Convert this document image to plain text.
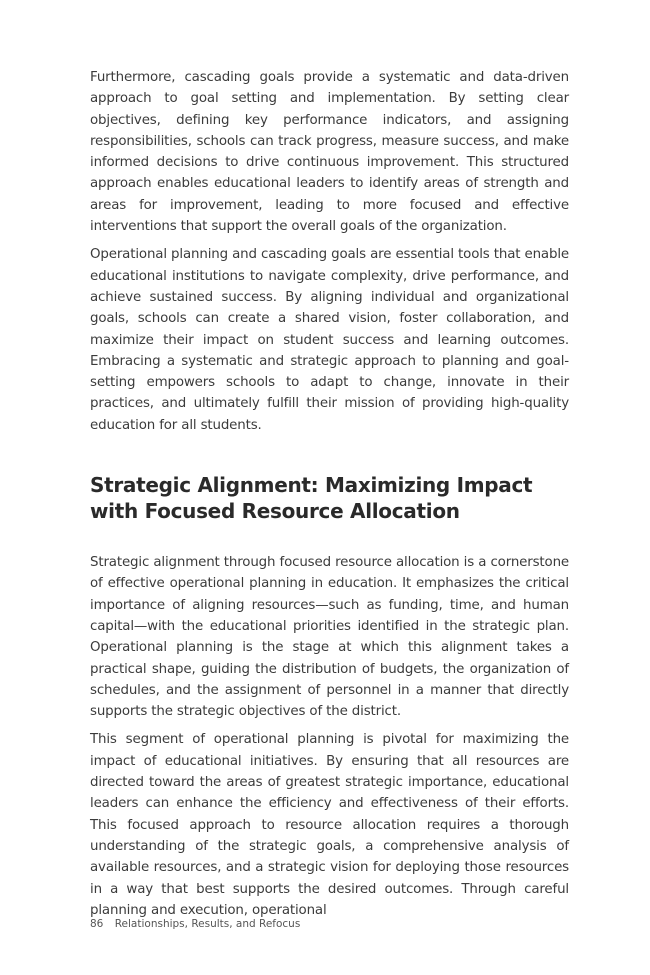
Furthermore, cascading goals provide a systematic and data-driven approach to goal setting and implementation. By setting clear objectives, defining key performance indicators, and assigning responsibilities, schools can track progress, measure success, and make informed decisions to drive continuous improvement. This structured approach enables educational leaders to identify areas of strength and areas for improvement, leading to more focused and effective interventions that support the overall goals of the organization.

Operational planning and cascading goals are essential tools that enable educational institutions to navigate complexity, drive performance, and achieve sustained success. By aligning individual and organizational goals, schools can create a shared vision, foster collaboration, and maximize their impact on student success and learning outcomes. Embracing a systematic and strategic approach to planning and goal-setting empowers schools to adapt to change, innovate in their practices, and ultimately fulfill their mission of providing high-quality education for all students.

Strategic Alignment: Maximizing Impact with Focused Resource Allocation

Strategic alignment through focused resource allocation is a cornerstone of effective operational planning in education. It emphasizes the critical importance of aligning resources—such as funding, time, and human capital—with the educational priorities identified in the strategic plan. Operational planning is the stage at which this alignment takes a practical shape, guiding the distribution of budgets, the organization of schedules, and the assignment of personnel in a manner that directly supports the strategic objectives of the district.

This segment of operational planning is pivotal for maximizing the impact of educational initiatives. By ensuring that all resources are directed toward the areas of greatest strategic importance, educational leaders can enhance the efficiency and effectiveness of their efforts. This focused approach to resource allocation requires a thorough understanding of the strategic goals, a comprehensive analysis of available resources, and a strategic vision for deploying those resources in a way that best supports the desired outcomes. Through careful planning and execution, operational

86 Relationships, Results, and Refocus
